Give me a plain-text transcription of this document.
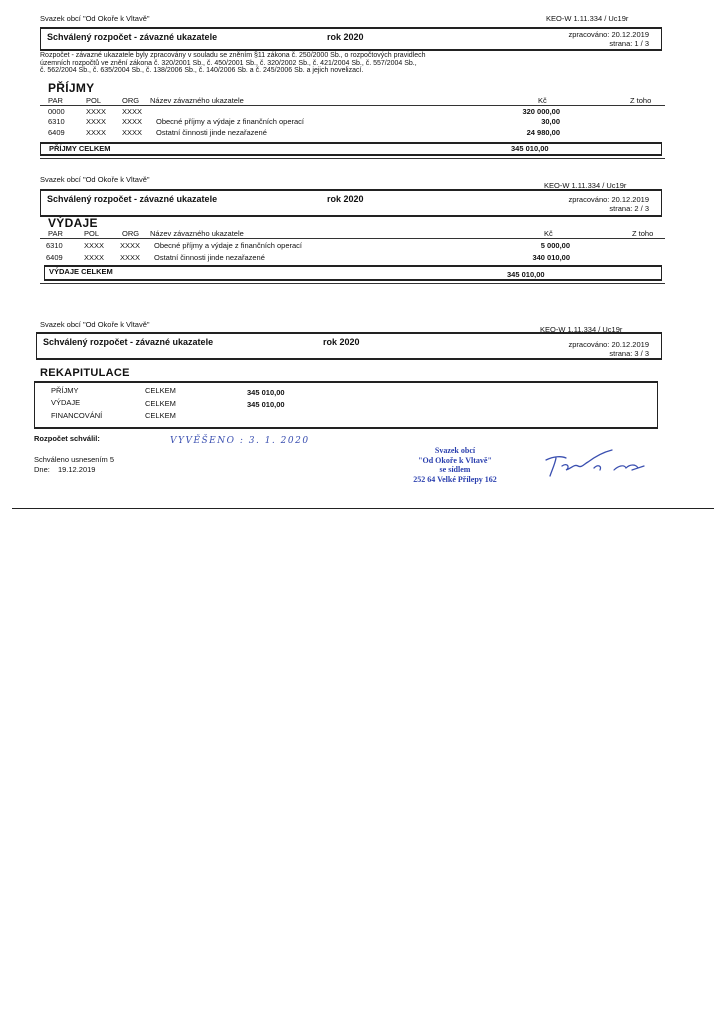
Svazek obcí "Od Okoře k Vltavě"	KEO-W 1.11.334 / Uc19r
Schválený rozpočet - závazné ukazatele	rok 2020	zpracováno: 20.12.2019
strana: 1 / 3
Rozpočet - závazné ukazatele byly zpracovány v souladu se zněním §11 zákona č. 250/2000 Sb., o rozpočtových pravidlech
územních rozpočtů ve znění zákona č. 320/2001 Sb., č. 450/2001 Sb., č. 320/2002 Sb., č. 421/2004 Sb., č. 557/2004 Sb.,
č. 562/2004 Sb., č. 635/2004 Sb., č. 138/2006 Sb., č. 140/2006 Sb. a č. 245/2006 Sb. a jejich novelizací.
PŘÍJMY
PAR	POL	ORG Název závazného ukazatele	Kč	Z toho
0000	XXXX XXXX	320 000,00
6310	XXXX XXXX Obecné příjmy a výdaje z finančních operací	30,00
6409	XXXX XXXX Ostatní činnosti jinde nezařazené	24 980,00
PŘÍJMY CELKEM	345 010,00
Svazek obcí "Od Okoře k Vltavě"
KEO-W 1.11.334 / Uc19r
Schválený rozpočet - závazné ukazatele	rok 2020	zpracováno: 20.12.2019
strana: 2 / 3
VÝDAJE
PAR	POL	ORG Název závazného ukazatele	Kč	Z toho
6310	XXXX XXXX Obecné příjmy a výdaje z finančních operací	5 000,00
6409	XXXX XXXX Ostatní činnosti jinde nezařazené	340 010,00
VÝDAJE CELKEM	345 010,00
Svazek obcí "Od Okoře k Vltavě"
KEO-W 1.11.334 / Uc19r
Schválený rozpočet - závazné ukazatele	rok 2020	zpracováno: 20.12.2019
strana: 3 / 3
REKAPITULACE
PŘÍJMY	CELKEM	345 010,00
VÝDAJE	CELKEM	345 010,00
FINANCOVÁNÍ	CELKEM
Rozpočet schválil:	VYVĚŠENO : 3. 1. 2020
Schváleno usnesením 5
Dne: 19.12.2019
Svazek obcí
"Od Okoře k Vltavě"
se sídlem
252 64 Velké Přílepy 162
